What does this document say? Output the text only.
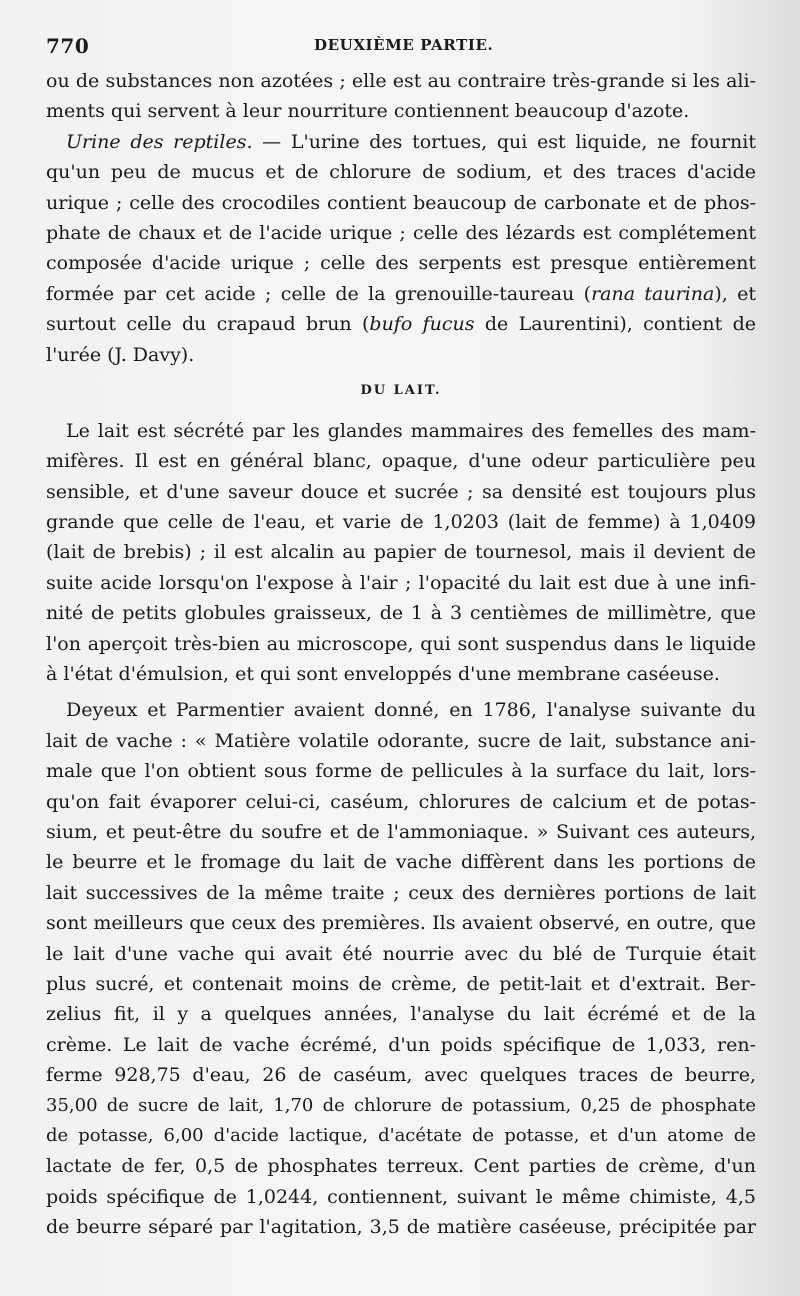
770	DEUXIÈME PARTIE.
ou de substances non azotées ; elle est au contraire très-grande si les ali-
ments qui servent à leur nourriture contiennent beaucoup d'azote.
Urine des reptiles. — L'urine des tortues, qui est liquide, ne fournit
qu'un peu de mucus et de chlorure de sodium, et des traces d'acide
urique ; celle des crocodiles contient beaucoup de carbonate et de phos-
phate de chaux et de l'acide urique ; celle des lézards est complétement
composée d'acide urique ; celle des serpents est presque entièrement
formée par cet acide ; celle de la grenouille-taureau (rana taurina), et
surtout celle du crapaud brun (bufo fucus de Laurentini), contient de
l'urée (J. Davy).
DU LAIT.
Le lait est sécrété par les glandes mammaires des femelles des mam-
mifères. Il est en général blanc, opaque, d'une odeur particulière peu
sensible, et d'une saveur douce et sucrée ; sa densité est toujours plus
grande que celle de l'eau, et varie de 1,0203 (lait de femme) à 1,0409
(lait de brebis) ; il est alcalin au papier de tournesol, mais il devient de
suite acide lorsqu'on l'expose à l'air ; l'opacité du lait est due à une infi-
nité de petits globules graisseux, de 1 à 3 centièmes de millimètre, que
l'on aperçoit très-bien au microscope, qui sont suspendus dans le liquide
à l'état d'émulsion, et qui sont enveloppés d'une membrane caséeuse.
Deyeux et Parmentier avaient donné, en 1786, l'analyse suivante du
lait de vache : « Matière volatile odorante, sucre de lait, substance ani-
male que l'on obtient sous forme de pellicules à la surface du lait, lors-
qu'on fait évaporer celui-ci, caséum, chlorures de calcium et de potas-
sium, et peut-être du soufre et de l'ammoniaque. » Suivant ces auteurs,
le beurre et le fromage du lait de vache diffèrent dans les portions de
lait successives de la même traite ; ceux des dernières portions de lait
sont meilleurs que ceux des premières. Ils avaient observé, en outre, que
le lait d'une vache qui avait été nourrie avec du blé de Turquie était
plus sucré, et contenait moins de crème, de petit-lait et d'extrait. Ber-
zelius fit, il y a quelques années, l'analyse du lait écrémé et de la
crème. Le lait de vache écrémé, d'un poids spécifique de 1,033, ren-
ferme 928,75 d'eau, 26 de caséum, avec quelques traces de beurre,
35,00 de sucre de lait, 1,70 de chlorure de potassium, 0,25 de phosphate
de potasse, 6,00 d'acide lactique, d'acétate de potasse, et d'un atome de
lactate de fer, 0,5 de phosphates terreux. Cent parties de crème, d'un
poids spécifique de 1,0244, contiennent, suivant le même chimiste, 4,5
de beurre séparé par l'agitation, 3,5 de matière caséeuse, précipitée par
